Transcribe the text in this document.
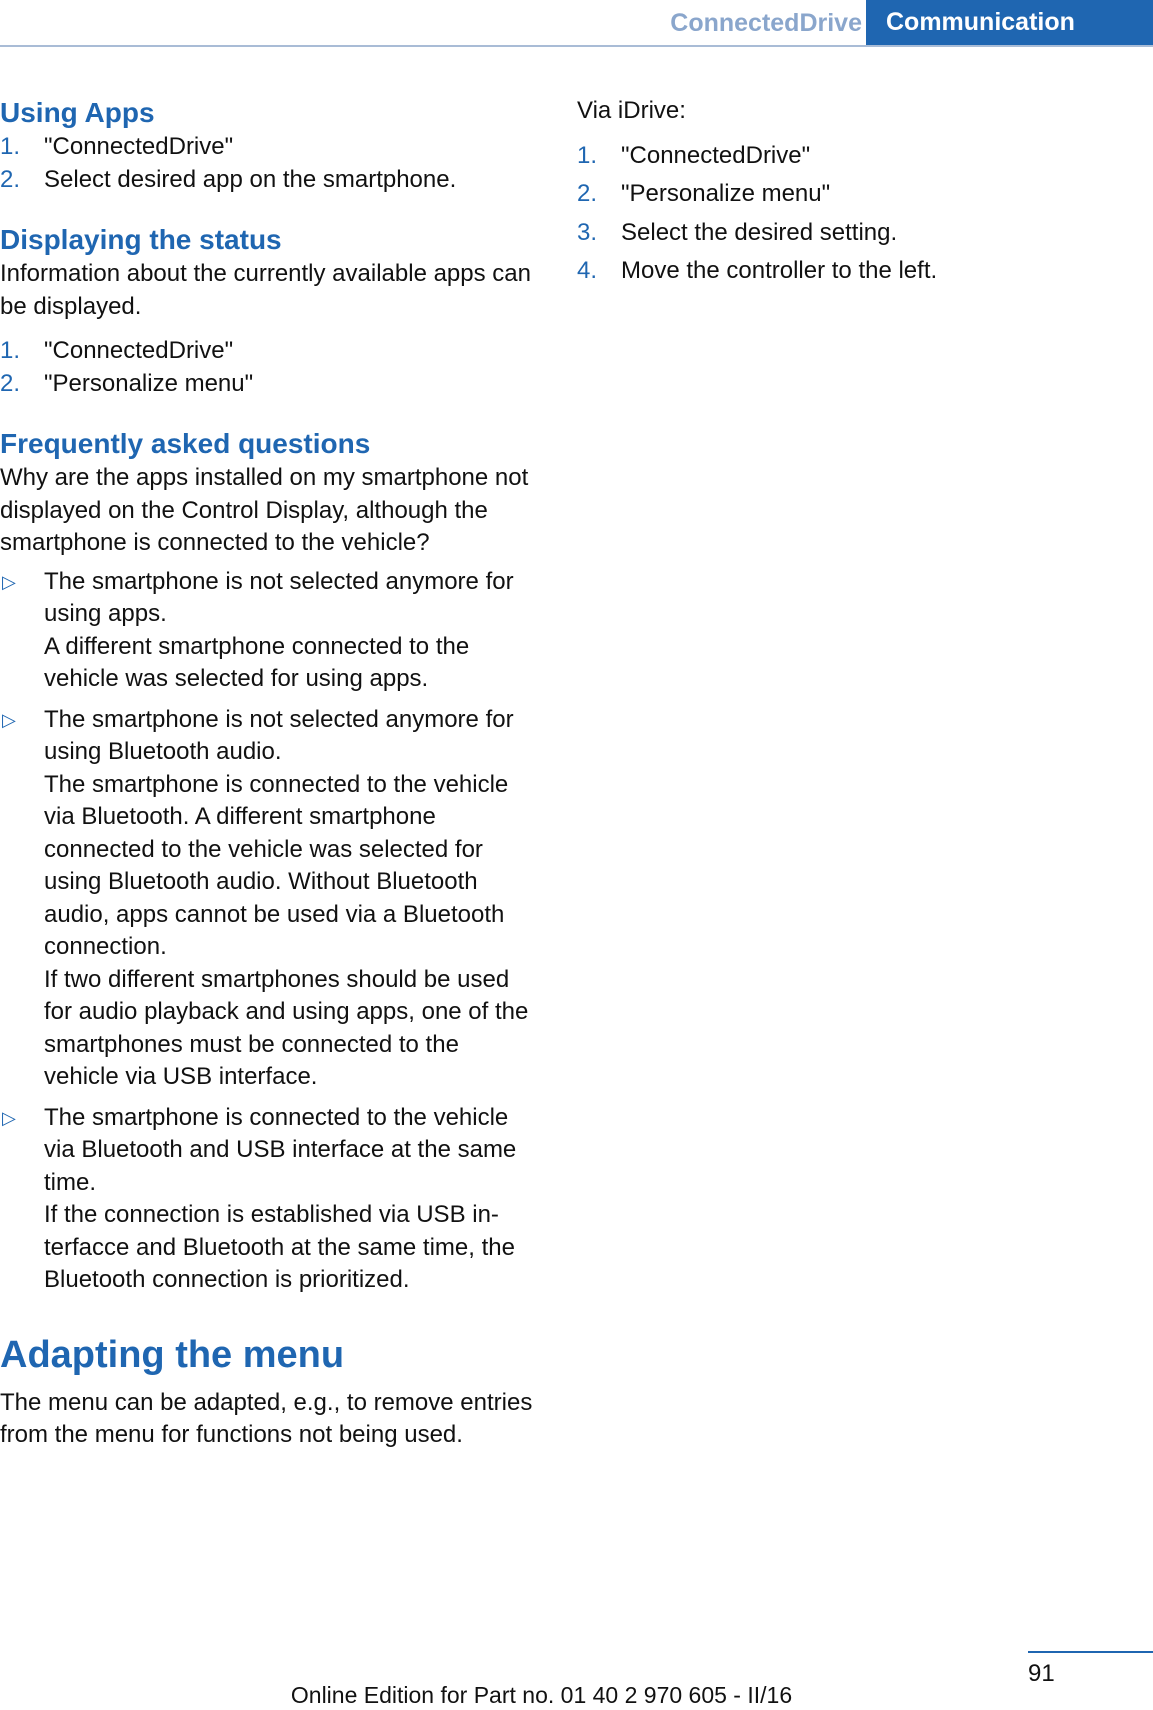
ConnectedDrive Communication
Using Apps
1. "ConnectedDrive"
2. Select desired app on the smartphone.
Displaying the status

Information about the currently available apps can be displayed.

1. "ConnectedDrive"
2. "Personalize menu"
Frequently asked questions

Why are the apps installed on my smartphone not displayed on the Control Display, although the smartphone is connected to the vehicle?

▷ The smartphone is not selected anymore for using apps.

A different smartphone connected to the vehicle was selected for using apps.

▷ The smartphone is not selected anymore for using Bluetooth audio.

The smartphone is connected to the vehicle via Bluetooth. A different smartphone connected to the vehicle was selected for using Bluetooth audio. Without Bluetooth audio, apps cannot be used via a Bluetooth connection.

If two different smartphones should be used for audio playback and using apps, one of the smartphones must be connected to the vehicle via USB interface.

▷ The smartphone is connected to the vehicle via Bluetooth and USB interface at the same time.

If the connection is established via USB interfacce and Bluetooth at the same time, the Bluetooth connection is prioritized.

Adapting the menu

The menu can be adapted, e.g., to remove entries from the menu for functions not being used.

Via iDrive:

1. "ConnectedDrive"
2. "Personalize menu"
3. Select the desired setting.
4. Move the controller to the left.
91
Online Edition for Part no. 01 40 2 970 605 - II/16
